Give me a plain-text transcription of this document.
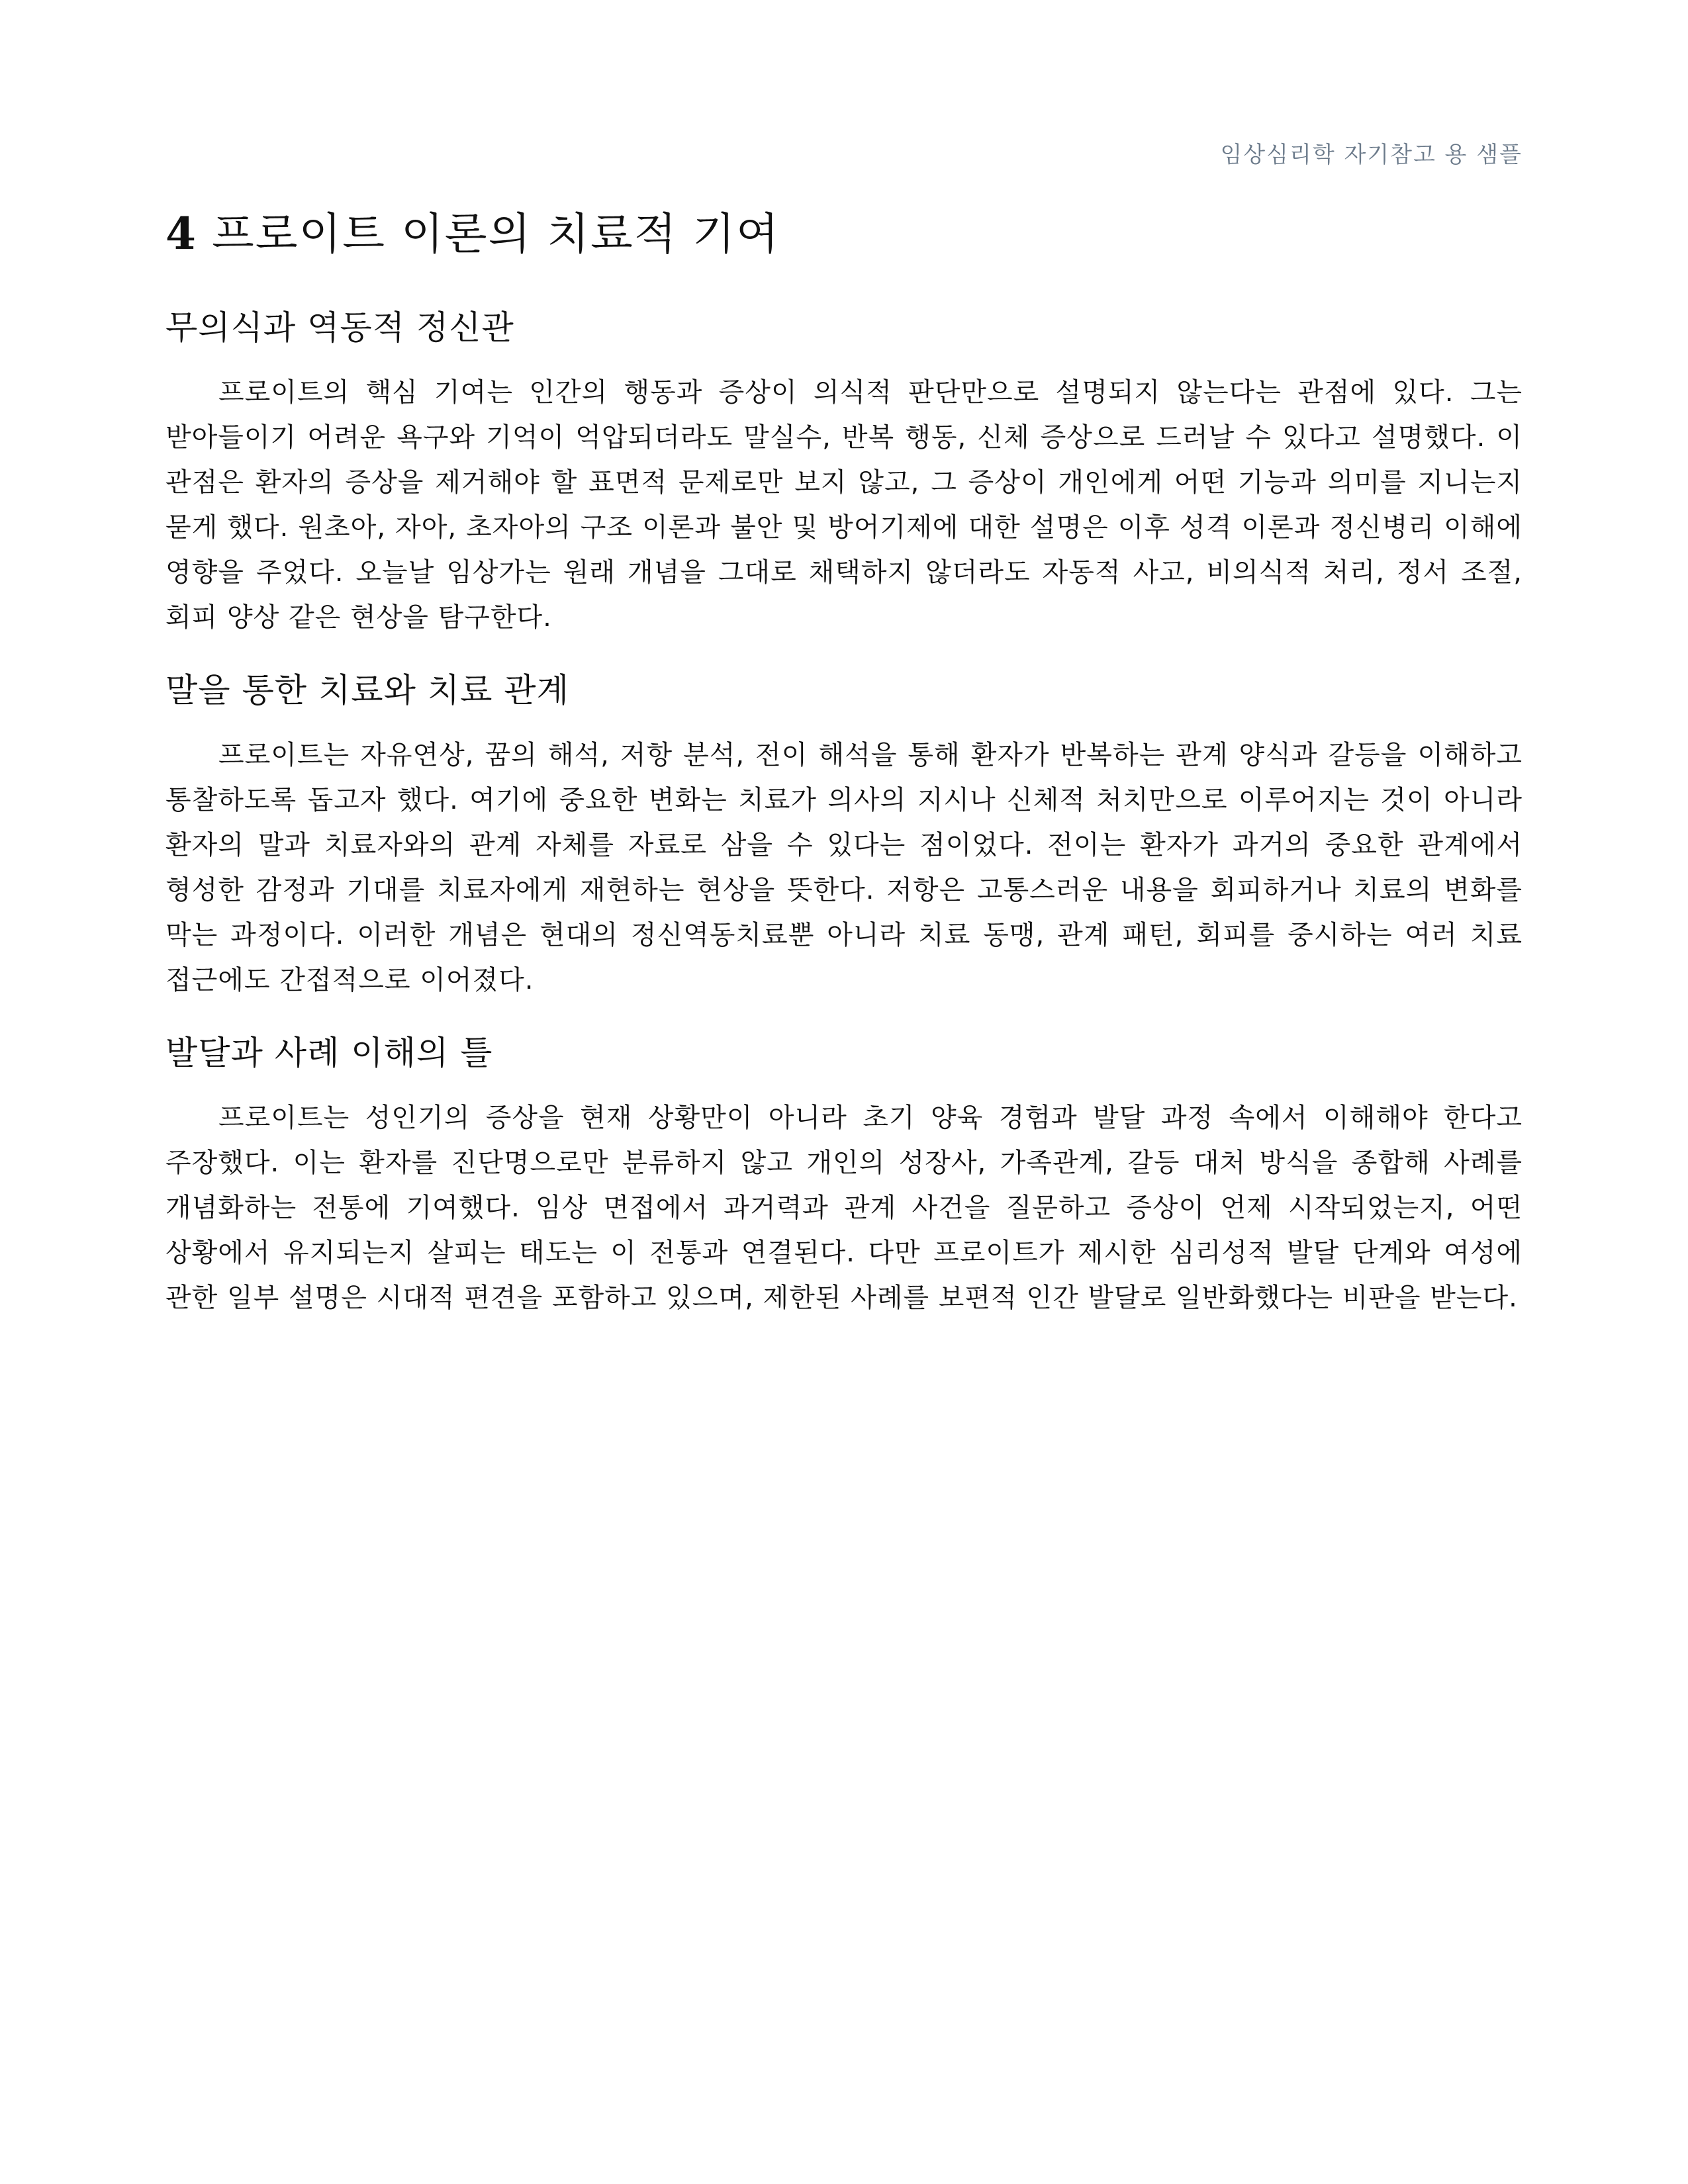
임상심리학 자기참고 용 샘플
4 프로이트 이론의 치료적 기여
무의식과 역동적 정신관

프로이트의 핵심 기여는 인간의 행동과 증상이 의식적 판단만으로 설명되지 않는다는 관점에 있다. 그는 받아들이기 어려운 욕구와 기억이 억압되더라도 말실수, 반복 행동, 신체 증상으로 드러날 수 있다고 설명했다. 이 관점은 환자의 증상을 제거해야 할 표면적 문제로만 보지 않고, 그 증상이 개인에게 어떤 기능과 의미를 지니는지 묻게 했다. 원초아, 자아, 초자아의 구조 이론과 불안 및 방어기제에 대한 설명은 이후 성격 이론과 정신병리 이해에 영향을 주었다. 오늘날 임상가는 원래 개념을 그대로 채택하지 않더라도 자동적 사고, 비의식적 처리, 정서 조절, 회피 양상 같은 현상을 탐구한다.

말을 통한 치료와 치료 관계

프로이트는 자유연상, 꿈의 해석, 저항 분석, 전이 해석을 통해 환자가 반복하는 관계 양식과 갈등을 이해하고 통찰하도록 돕고자 했다. 여기에 중요한 변화는 치료가 의사의 지시나 신체적 처치만으로 이루어지는 것이 아니라 환자의 말과 치료자와의 관계 자체를 자료로 삼을 수 있다는 점이었다. 전이는 환자가 과거의 중요한 관계에서 형성한 감정과 기대를 치료자에게 재현하는 현상을 뜻한다. 저항은 고통스러운 내용을 회피하거나 치료의 변화를 막는 과정이다. 이러한 개념은 현대의 정신역동치료뿐 아니라 치료 동맹, 관계 패턴, 회피를 중시하는 여러 치료 접근에도 간접적으로 이어졌다.

발달과 사례 이해의 틀

프로이트는 성인기의 증상을 현재 상황만이 아니라 초기 양육 경험과 발달 과정 속에서 이해해야 한다고 주장했다. 이는 환자를 진단명으로만 분류하지 않고 개인의 성장사, 가족관계, 갈등 대처 방식을 종합해 사례를 개념화하는 전통에 기여했다. 임상 면접에서 과거력과 관계 사건을 질문하고 증상이 언제 시작되었는지, 어떤 상황에서 유지되는지 살피는 태도는 이 전통과 연결된다. 다만 프로이트가 제시한 심리성적 발달 단계와 여성에 관한 일부 설명은 시대적 편견을 포함하고 있으며, 제한된 사례를 보편적 인간 발달로 일반화했다는 비판을 받는다.
